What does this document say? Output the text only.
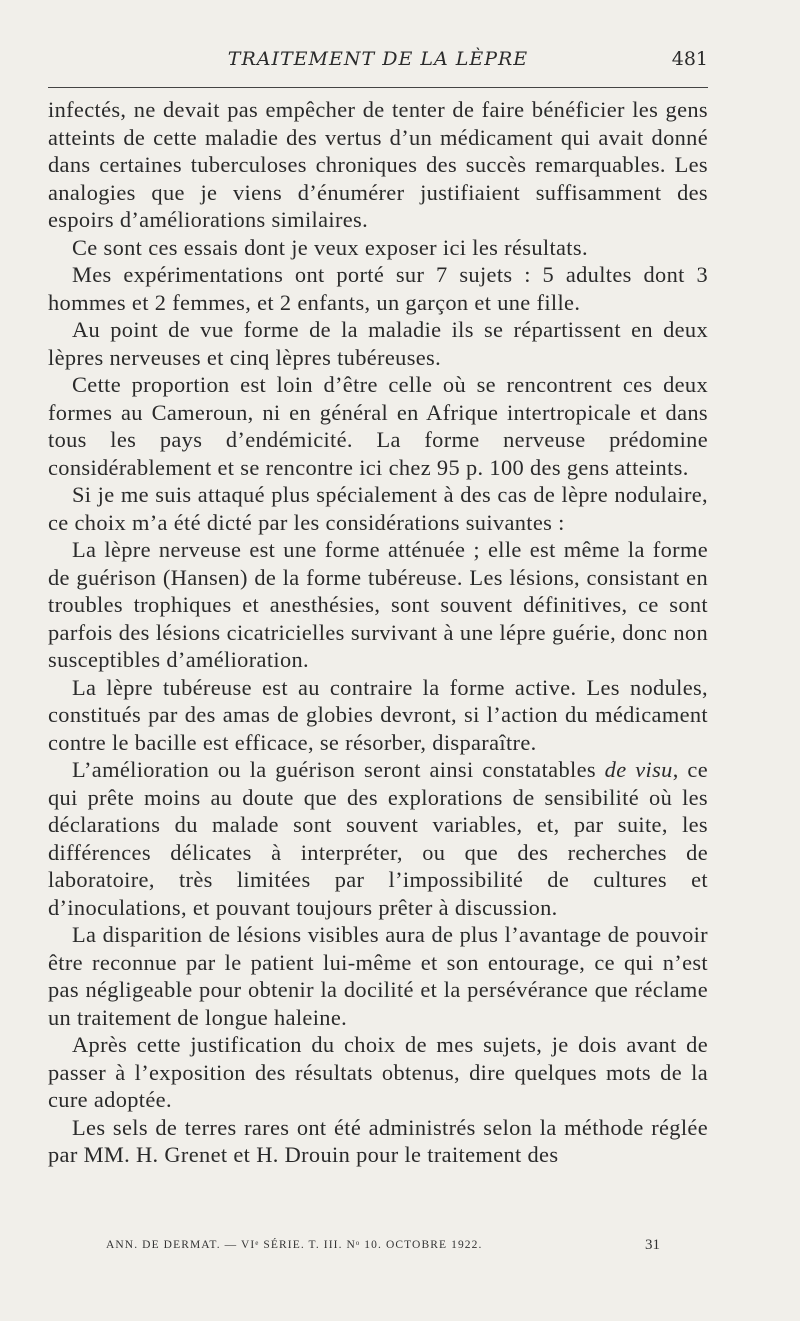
TRAITEMENT DE LA LÈPRE	481

infectés, ne devait pas empêcher de tenter de faire bénéficier les gens atteints de cette maladie des vertus d’un médicament qui avait donné dans certaines tuberculoses chroniques des succès remarquables. Les analogies que je viens d’énumérer justifiaient suffisamment des espoirs d’améliorations similaires.

Ce sont ces essais dont je veux exposer ici les résultats.

Mes expérimentations ont porté sur 7 sujets : 5 adultes dont 3 hommes et 2 femmes, et 2 enfants, un garçon et une fille.

Au point de vue forme de la maladie ils se répartissent en deux lèpres nerveuses et cinq lèpres tubéreuses.

Cette proportion est loin d’être celle où se rencontrent ces deux formes au Cameroun, ni en général en Afrique intertropicale et dans tous les pays d’endémicité. La forme nerveuse prédomine considérablement et se rencontre ici chez 95 p. 100 des gens atteints.

Si je me suis attaqué plus spécialement à des cas de lèpre nodulaire, ce choix m’a été dicté par les considérations suivantes :

La lèpre nerveuse est une forme atténuée ; elle est même la forme de guérison (Hansen) de la forme tubéreuse. Les lésions, consistant en troubles trophiques et anesthésies, sont souvent définitives, ce sont parfois des lésions cicatricielles survivant à une lépre guérie, donc non susceptibles d’amélioration.

La lèpre tubéreuse est au contraire la forme active. Les nodules, constitués par des amas de globies devront, si l’action du médicament contre le bacille est efficace, se résorber, disparaître.

L’amélioration ou la guérison seront ainsi constatables de visu, ce qui prête moins au doute que des explorations de sensibilité où les déclarations du malade sont souvent variables, et, par suite, les différences délicates à interpréter, ou que des recherches de laboratoire, très limitées par l’impossibilité de cultures et d’inoculations, et pouvant toujours prêter à discussion.

La disparition de lésions visibles aura de plus l’avantage de pouvoir être reconnue par le patient lui-même et son entourage, ce qui n’est pas négligeable pour obtenir la docilité et la persévérance que réclame un traitement de longue haleine.

Après cette justification du choix de mes sujets, je dois avant de passer à l’exposition des résultats obtenus, dire quelques mots de la cure adoptée.

Les sels de terres rares ont été administrés selon la méthode réglée par MM. H. Grenet et H. Drouin pour le traitement des

ANN. DE DERMAT. — VIᵉ SÉRIE. T. III. Nᵒ 10. OCTOBRE 1922.	31
